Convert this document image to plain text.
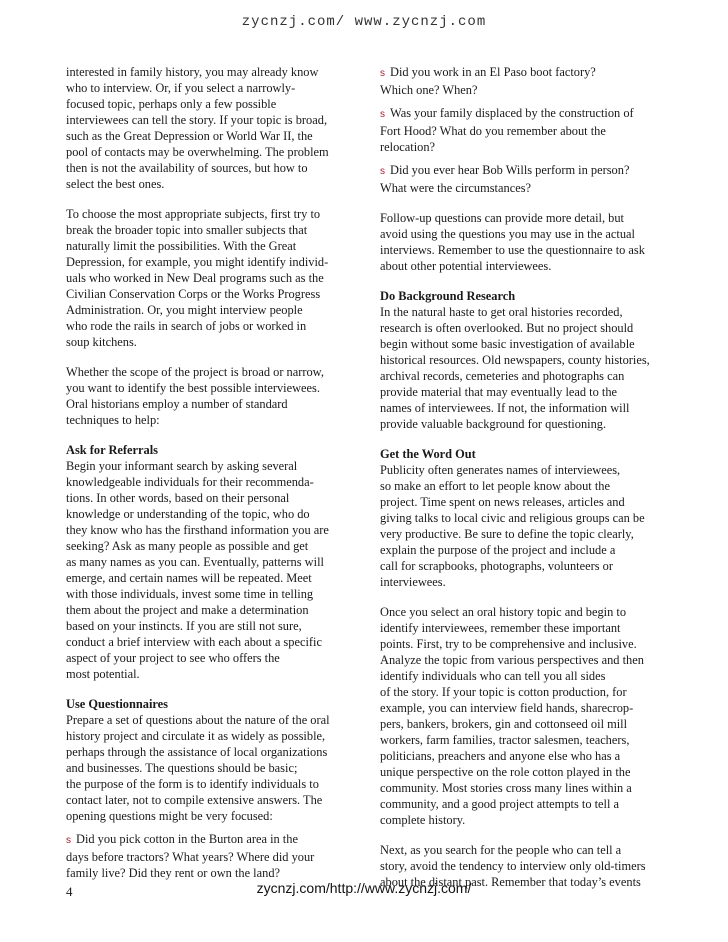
zycnzj.com/ www.zycnzj.com

interested in family history, you may already know
who to interview. Or, if you select a narrowly-
focused topic, perhaps only a few possible
interviewees can tell the story. If your topic is broad,
such as the Great Depression or World War II, the
pool of contacts may be overwhelming. The problem
then is not the availability of sources, but how to
select the best ones.

To choose the most appropriate subjects, first try to
break the broader topic into smaller subjects that
naturally limit the possibilities. With the Great
Depression, for example, you might identify individ-
uals who worked in New Deal programs such as the
Civilian Conservation Corps or the Works Progress
Administration. Or, you might interview people
who rode the rails in search of jobs or worked in
soup kitchens.

Whether the scope of the project is broad or narrow,
you want to identify the best possible interviewees.
Oral historians employ a number of standard
techniques to help:

Ask for Referrals

Begin your informant search by asking several
knowledgeable individuals for their recommenda-
tions. In other words, based on their personal
knowledge or understanding of the topic, who do
they know who has the firsthand information you are
seeking? Ask as many people as possible and get
as many names as you can. Eventually, patterns will
emerge, and certain names will be repeated. Meet
with those individuals, invest some time in telling
them about the project and make a determination
based on your instincts. If you are still not sure,
conduct a brief interview with each about a specific
aspect of your project to see who offers the
most potential.

Use Questionnaires

Prepare a set of questions about the nature of the oral
history project and circulate it as widely as possible,
perhaps through the assistance of local organizations
and businesses. The questions should be basic;
the purpose of the form is to identify individuals to
contact later, not to compile extensive answers. The
opening questions might be very focused:

s Did you pick cotton in the Burton area in the
days before tractors? What years? Where did your
family live? Did they rent or own the land?

s Did you work in an El Paso boot factory?
Which one? When?

s Was your family displaced by the construction of
Fort Hood? What do you remember about the
relocation?

s Did you ever hear Bob Wills perform in person?
What were the circumstances?

Follow-up questions can provide more detail, but
avoid using the questions you may use in the actual
interviews. Remember to use the questionnaire to ask
about other potential interviewees.

Do Background Research

In the natural haste to get oral histories recorded,
research is often overlooked. But no project should
begin without some basic investigation of available
historical resources. Old newspapers, county histories,
archival records, cemeteries and photographs can
provide material that may eventually lead to the
names of interviewees. If not, the information will
provide valuable background for questioning.

Get the Word Out

Publicity often generates names of interviewees,
so make an effort to let people know about the
project. Time spent on news releases, articles and
giving talks to local civic and religious groups can be
very productive. Be sure to define the topic clearly,
explain the purpose of the project and include a
call for scrapbooks, photographs, volunteers or
interviewees.

Once you select an oral history topic and begin to
identify interviewees, remember these important
points. First, try to be comprehensive and inclusive.
Analyze the topic from various perspectives and then
identify individuals who can tell you all sides
of the story. If your topic is cotton production, for
example, you can interview field hands, sharecrop-
pers, bankers, brokers, gin and cottonseed oil mill
workers, farm families, tractor salesmen, teachers,
politicians, preachers and anyone else who has a
unique perspective on the role cotton played in the
community. Most stories cross many lines within a
community, and a good project attempts to tell a
complete history.

Next, as you search for the people who can tell a
story, avoid the tendency to interview only old-timers
about the distant past. Remember that today’s events

4	zycnzj.com/http://www.zycnzj.com/
